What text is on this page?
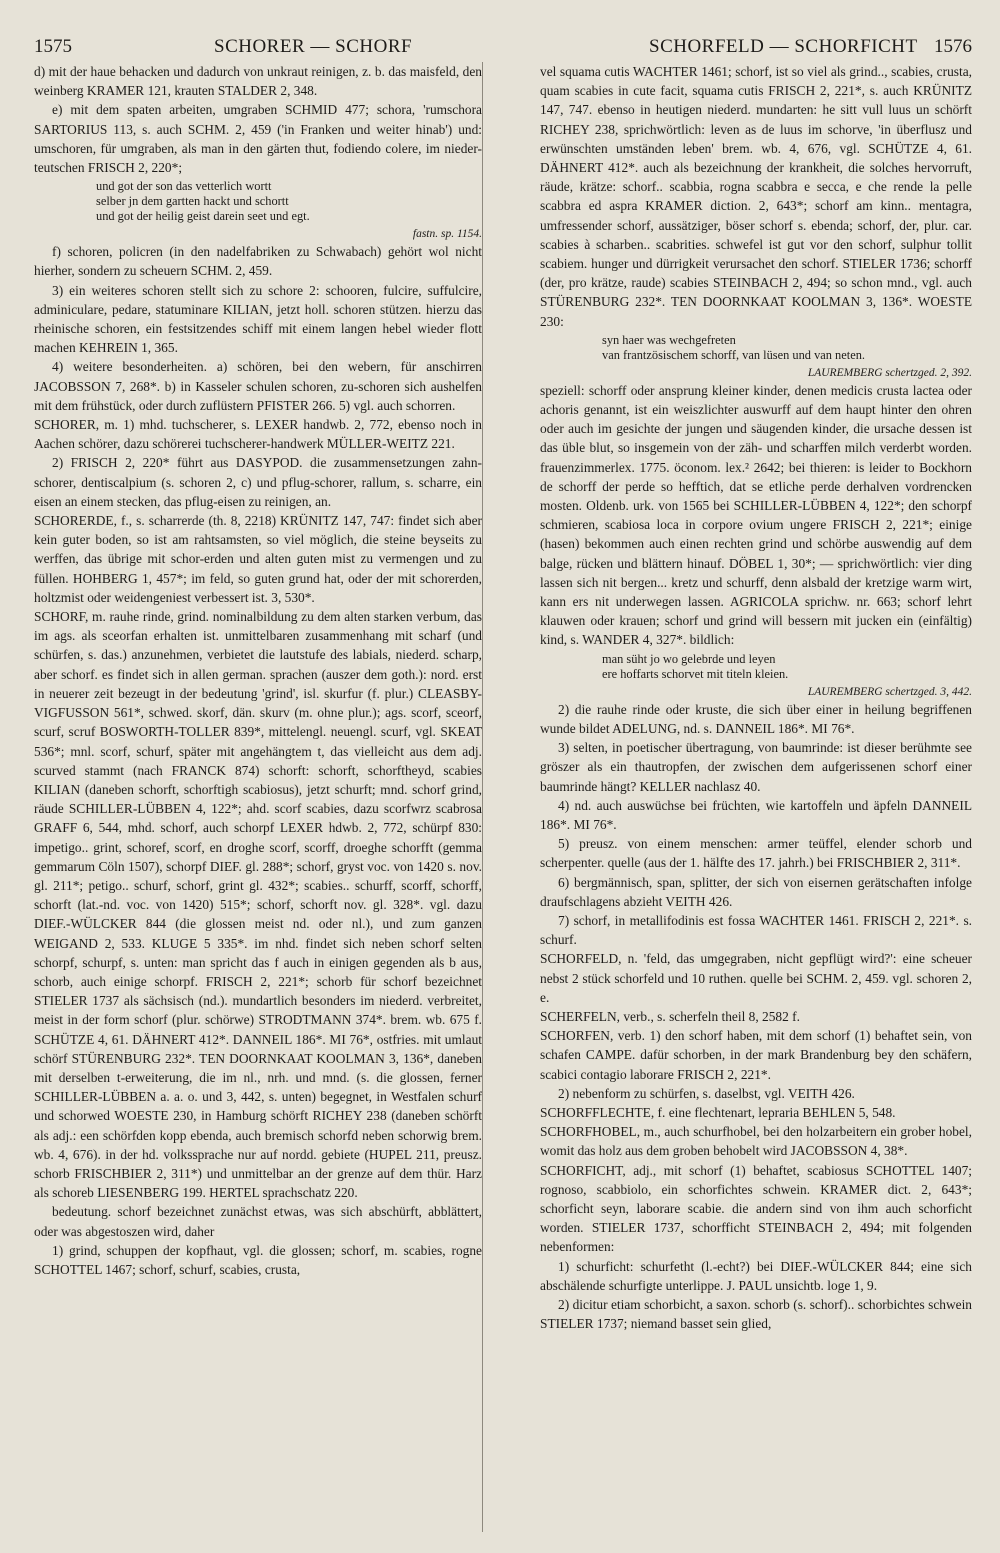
1575	SCHORER — SCHORF	SCHORFELD — SCHORFICHT 1576

d) mit der haue behacken und dadurch von unkraut reinigen, z. b. das maisfeld, den weinberg KRAMER 121, krauten STALDER 2, 348.

e) mit dem spaten arbeiten, umgraben SCHMID 477; schora, 'rumschora SARTORIUS 113, s. auch SCHM. 2, 459 ('in Franken und weiter hinab') und: umschoren, für umgraben, als man in den gärten thut, fodiendo colere, im nieder-teutschen FRISCH 2, 220*;

und got der son das vetterlich wortt
selber jn dem gartten hackt und schortt
und got der heilig geist darein seet und egt.

fastn. sp. 1154.

f) schoren, policren (in den nadelfabriken zu Schwabach) gehört wol nicht hierher, sondern zu scheuern SCHM. 2, 459.

3) ein weiteres schoren stellt sich zu schore 2: schooren, fulcire, suffulcire, adminiculare, pedare, statuminare KILIAN, jetzt holl. schoren stützen. hierzu das rheinische schoren, ein festsitzendes schiff mit einem langen hebel wieder flott machen KEHREIN 1, 365.

4) weitere besonderheiten. a) schören, bei den webern, für anschirren JACOBSSON 7, 268*. b) in Kasseler schulen schoren, zu-schoren sich aushelfen mit dem frühstück, oder durch zuflüstern PFISTER 266. 5) vgl. auch schorren.

SCHORER, m. 1) mhd. tuchscherer, s. LEXER handwb. 2, 772, ebenso noch in Aachen schörer, dazu schörerei tuchscherer-handwerk MÜLLER-WEITZ 221.

2) FRISCH 2, 220* führt aus DASYPOD. die zusammensetzungen zahn-schorer, dentiscalpium (s. schoren 2, c) und pflug-schorer, rallum, s. scharre, ein eisen an einem stecken, das pflug-eisen zu reinigen, an.

SCHORERDE, f., s. scharrerde (th. 8, 2218) KRÜNITZ 147, 747: findet sich aber kein guter boden, so ist am rahtsamsten, so viel möglich, die steine beyseits zu werffen, das übrige mit schor-erden und alten guten mist zu vermengen und zu füllen. HOHBERG 1, 457*; im feld, so guten grund hat, oder der mit schorerden, holtzmist oder weidengeniest verbessert ist. 3, 530*.

SCHORF, m. rauhe rinde, grind. nominalbildung zu dem alten starken verbum, das im ags. als sceorfan erhalten ist. unmittelbaren zusammenhang mit scharf (und schürfen, s. das.) anzunehmen, verbietet die lautstufe des labials, niederd. scharp, aber schorf. es findet sich in allen german. sprachen (auszer dem goth.): nord. erst in neuerer zeit bezeugt in der bedeutung 'grind', isl. skurfur (f. plur.) CLEASBY-VIGFUSSON 561*, schwed. skorf, dän. skurv (m. ohne plur.); ags. scorf, sceorf, scurf, scruf BOSWORTH-TOLLER 839*, mittelengl. neuengl. scurf, vgl. SKEAT 536*; mnl. scorf, schurf, später mit angehängtem t, das vielleicht aus dem adj. scurved stammt (nach FRANCK 874) schorft: schorft, schorftheyd, scabies KILIAN (daneben schorft, schorftigh scabiosus), jetzt schurft; mnd. schorf grind, räude SCHILLER-LÜBBEN 4, 122*; ahd. scorf scabies, dazu scorfwrz scabrosa GRAFF 6, 544, mhd. schorf, auch schorpf LEXER hdwb. 2, 772, schürpf 830: impetigo.. grint, schoref, scorf, en droghe scorf, scorff, droeghe schorfft (gemma gemmarum Cöln 1507), schorpf DIEF. gl. 288*; schorf, gryst voc. von 1420 s. nov. gl. 211*; petigo.. schurf, schorf, grint gl. 432*; scabies.. schurff, scorff, schorff, schorft (lat.-nd. voc. von 1420) 515*; schorf, schorft nov. gl. 328*. vgl. dazu DIEF.-WÜLCKER 844 (die glossen meist nd. oder nl.), und zum ganzen WEIGAND 2, 533. KLUGE 5 335*. im nhd. findet sich neben schorf selten schorpf, schurpf, s. unten: man spricht das f auch in einigen gegenden als b aus, schorb, auch einige schorpf. FRISCH 2, 221*; schorb für schorf bezeichnet STIELER 1737 als sächsisch (nd.). mundartlich besonders im niederd. verbreitet, meist in der form schorf (plur. schörwe) STRODTMANN 374*. brem. wb. 675 f. SCHÜTZE 4, 61. DÄHNERT 412*. DANNEIL 186*. MI 76*, ostfries. mit umlaut schörf STÜRENBURG 232*. TEN DOORNKAAT KOOLMAN 3, 136*, daneben mit derselben t-erweiterung, die im nl., nrh. und mnd. (s. die glossen, ferner SCHILLER-LÜBBEN a. a. o. und 3, 442, s. unten) begegnet, in Westfalen schurf und schorwed WOESTE 230, in Hamburg schörft RICHEY 238 (daneben schörft als adj.: een schörfden kopp ebenda, auch bremisch schorfd neben schorwig brem. wb. 4, 676). in der hd. volkssprache nur auf nordd. gebiete (HUPEL 211, preusz. schorb FRISCHBIER 2, 311*) und unmittelbar an der grenze auf dem thür. Harz als schoreb LIESENBERG 199. HERTEL sprachschatz 220.

bedeutung. schorf bezeichnet zunächst etwas, was sich abschürft, abblättert, oder was abgestoszen wird, daher

1) grind, schuppen der kopfhaut, vgl. die glossen; schorf, m. scabies, rogne SCHOTTEL 1467; schorf, schurf, scabies, crusta,

vel squama cutis WACHTER 1461; schorf, ist so viel als grind.., scabies, crusta, quam scabies in cute facit, squama cutis FRISCH 2, 221*, s. auch KRÜNITZ 147, 747. ebenso in heutigen niederd. mundarten: he sitt vull luus un schörft RICHEY 238, sprichwörtlich: leven as de luus im schorve, 'in überflusz und erwünschten umständen leben' brem. wb. 4, 676, vgl. SCHÜTZE 4, 61. DÄHNERT 412*. auch als bezeichnung der krankheit, die solches hervorruft, räude, krätze: schorf.. scabbia, rogna scabbra e secca, e che rende la pelle scabbra ed aspra KRAMER diction. 2, 643*; schorf am kinn.. mentagra, umfressender schorf, aussätziger, böser schorf s. ebenda; schorf, der, plur. car. scabies à scharben.. scabrities. schwefel ist gut vor den schorf, sulphur tollit scabiem. hunger und dürrigkeit verursachet den schorf. STIELER 1736; schorff (der, pro krätze, raude) scabies STEINBACH 2, 494; so schon mnd., vgl. auch STÜRENBURG 232*. TEN DOORNKAAT KOOLMAN 3, 136*. WOESTE 230:

syn haer was wechgefreten
van frantzösischem schorff, van lüsen und van neten.

LAUREMBERG schertzged. 2, 392.

speziell: schorff oder ansprung kleiner kinder, denen medicis crusta lactea oder achoris genannt, ist ein weiszlichter auswurff auf dem haupt hinter den ohren oder auch im gesichte der jungen und säugenden kinder, die ursache dessen ist das üble blut, so insgemein von der zäh- und scharffen milch verderbt worden. frauenzimmerlex. 1775. öconom. lex.² 2642; bei thieren: is leider to Bockhorn de schorff der perde so hefftich, dat se etliche perde derhalven vordrencken mosten. Oldenb. urk. von 1565 bei SCHILLER-LÜBBEN 4, 122*; den schorpf schmieren, scabiosa loca in corpore ovium ungere FRISCH 2, 221*; einige (hasen) bekommen auch einen rechten grind und schörbe auswendig auf dem balge, rücken und blättern hinauf. DÖBEL 1, 30*; — sprichwörtlich: vier ding lassen sich nit bergen... kretz und schurff, denn alsbald der kretzige warm wirt, kann ers nit underwegen lassen. AGRICOLA sprichw. nr. 663; schorf lehrt klauwen oder krauen; schorf und grind will bessern mit jucken ein (einfältig) kind, s. WANDER 4, 327*. bildlich:

man süht jo wo gelebrde und leyen
ere hoffarts schorvet mit titeln kleien.

LAUREMBERG schertzged. 3, 442.

2) die rauhe rinde oder kruste, die sich über einer in heilung begriffenen wunde bildet ADELUNG, nd. s. DANNEIL 186*. MI 76*.

3) selten, in poetischer übertragung, von baumrinde: ist dieser berühmte see gröszer als ein thautropfen, der zwischen dem aufgerissenen schorf einer baumrinde hängt? KELLER nachlasz 40.

4) nd. auch auswüchse bei früchten, wie kartoffeln und äpfeln DANNEIL 186*. MI 76*.

5) preusz. von einem menschen: armer teüffel, elender schorb und scherpenter. quelle (aus der 1. hälfte des 17. jahrh.) bei FRISCHBIER 2, 311*.

6) bergmännisch, span, splitter, der sich von eisernen gerätschaften infolge draufschlagens abzieht VEITH 426.

7) schorf, in metallifodinis est fossa WACHTER 1461. FRISCH 2, 221*. s. schurf.

SCHORFELD, n. 'feld, das umgegraben, nicht gepflügt wird?': eine scheuer nebst 2 stück schorfeld und 10 ruthen. quelle bei SCHM. 2, 459. vgl. schoren 2, e.

SCHERFELN, verb., s. scherfeln theil 8, 2582 f.

SCHORFEN, verb. 1) den schorf haben, mit dem schorf (1) behaftet sein, von schafen CAMPE. dafür schorben, in der mark Brandenburg bey den schäfern, scabici contagio laborare FRISCH 2, 221*.

2) nebenform zu schürfen, s. daselbst, vgl. VEITH 426.

SCHORFFLECHTE, f. eine flechtenart, lepraria BEHLEN 5, 548.

SCHORFHOBEL, m., auch schurfhobel, bei den holzarbeitern ein grober hobel, womit das holz aus dem groben behobelt wird JACOBSSON 4, 38*.

SCHORFICHT, adj., mit schorf (1) behaftet, scabiosus SCHOTTEL 1407; rognoso, scabbiolo, ein schorfichtes schwein. KRAMER dict. 2, 643*; schorficht seyn, laborare scabie. die andern sind von ihm auch schorficht worden. STIELER 1737, schorfficht STEINBACH 2, 494; mit folgenden nebenformen:

1) schurficht: schurfetht (l.-echt?) bei DIEF.-WÜLCKER 844; eine sich abschälende schurfigte unterlippe. J. PAUL unsichtb. loge 1, 9.

2) dicitur etiam schorbicht, a saxon. schorb (s. schorf).. schorbichtes schwein STIELER 1737; niemand basset sein glied,
